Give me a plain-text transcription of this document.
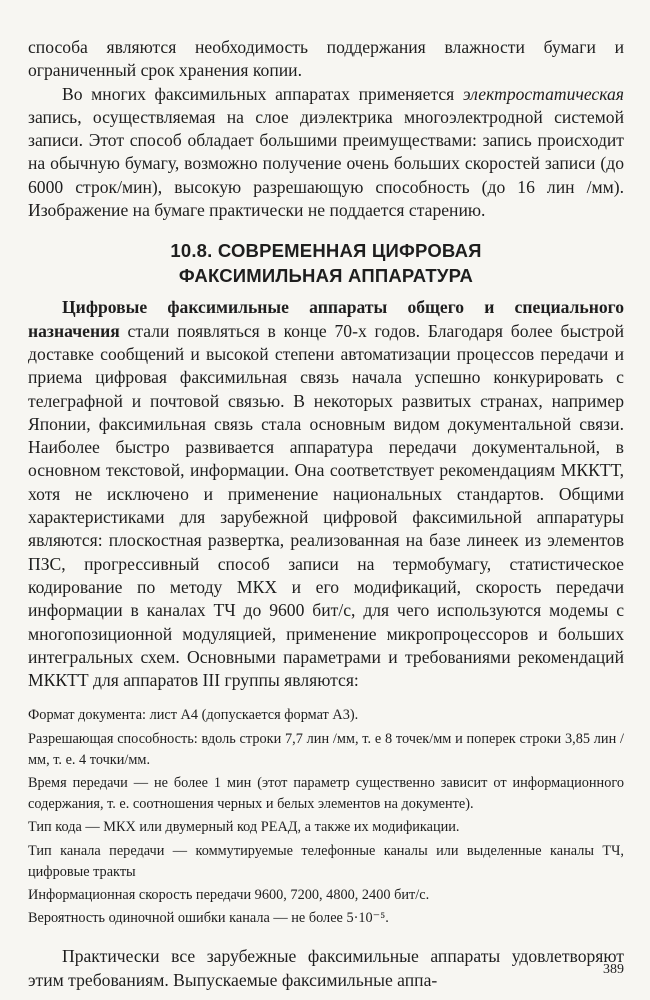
способа являются необходимость поддержания влажности бумаги и ограниченный срок хранения копии.

Во многих факсимильных аппаратах применяется электростатическая запись, осуществляемая на слое диэлектрика многоэлектродной системой записи. Этот способ обладает большими преимуществами: запись происходит на обычную бумагу, возможно получение очень больших скоростей записи (до 6000 строк/мин), высокую разрешающую способность (до 16 лин /мм). Изображение на бумаге практически не поддается старению.

10.8. СОВРЕМЕННАЯ ЦИФРОВАЯ
ФАКСИМИЛЬНАЯ АППАРАТУРА

Цифровые факсимильные аппараты общего и специального назначения стали появляться в конце 70-х годов. Благодаря более быстрой доставке сообщений и высокой степени автоматизации процессов передачи и приема цифровая факсимильная связь начала успешно конкурировать с телеграфной и почтовой связью. В некоторых развитых странах, например Японии, факсимильная связь стала основным видом документальной связи. Наиболее быстро развивается аппаратура передачи документальной, в основном текстовой, информации. Она соответствует рекомендациям МККТТ, хотя не исключено и применение национальных стандартов. Общими характеристиками для зарубежной цифровой факсимильной аппаратуры являются: плоскостная развертка, реализованная на базе линеек из элементов ПЗС, прогрессивный способ записи на термобумагу, статистическое кодирование по методу МКХ и его модификаций, скорость передачи информации в каналах ТЧ до 9600 бит/с, для чего используются модемы с многопозиционной модуляцией, применение микропроцессоров и больших интегральных схем. Основными параметрами и требованиями рекомендаций МККТТ для аппаратов III группы являются:

Формат документа: лист А4 (допускается формат А3).
Разрешающая способность: вдоль строки 7,7 лин /мм, т. е 8 точек/мм и поперек строки 3,85 лин /мм, т. е. 4 точки/мм.
Время передачи — не более 1 мин (этот параметр существенно зависит от информационного содержания, т. е. соотношения черных и белых элементов на документе).
Тип кода — МКХ или двумерный код РЕАД, а также их модификации.
Тип канала передачи — коммутируемые телефонные каналы или выделенные каналы ТЧ, цифровые тракты
Информационная скорость передачи 9600, 7200, 4800, 2400 бит/с.
Вероятность одиночной ошибки канала — не более 5·10⁻⁵.

Практически все зарубежные факсимильные аппараты удовлетворяют этим требованиям. Выпускаемые факсимильные аппа-

389
